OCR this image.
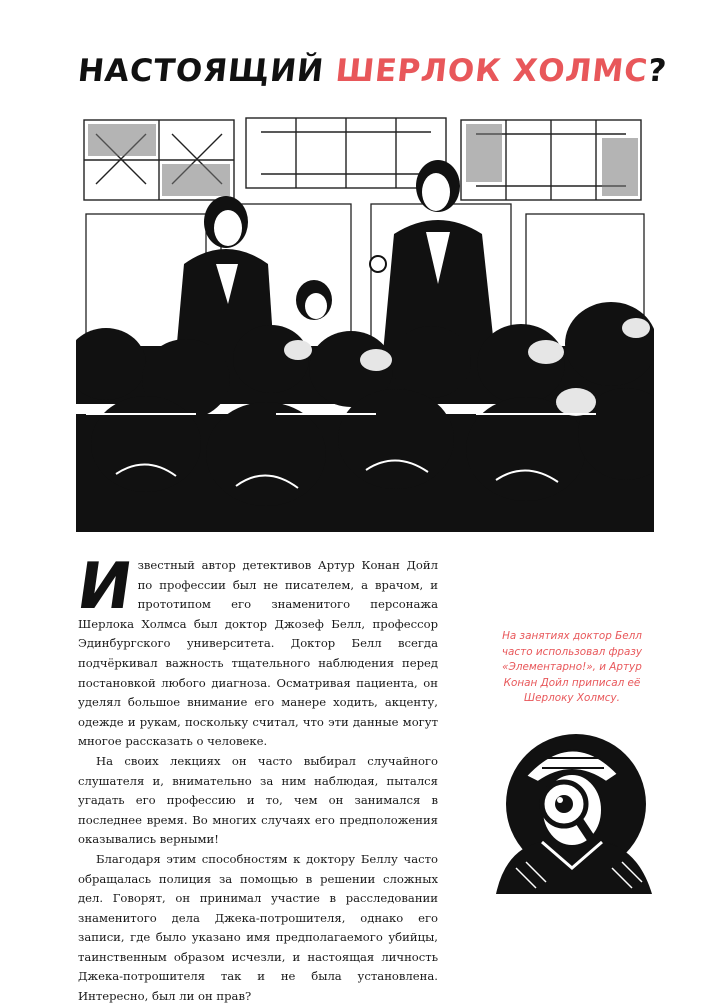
НАСТОЯЩИЙ ШЕРЛОК ХОЛМС?

Известный автор детективов Артур Конан Дойл по профессии был не писателем, а врачом, и прототипом его знаменитого персонажа Шерлока Холмса был доктор Джозеф Белл, профессор Эдинбургского университета. Доктор Белл всегда подчёркивал важность тщательного наблюдения перед постановкой любого диагноза. Осматривая пациента, он уделял большое внимание его манере ходить, акценту, одежде и рукам, поскольку считал, что эти данные могут многое рассказать о человеке.

На своих лекциях он часто выбирал случайного слушателя и, внимательно за ним наблюдая, пытался угадать его профессию и то, чем он занимался в последнее время. Во многих случаях его предположения оказывались верными!

Благодаря этим способностям к доктору Беллу часто обращалась полиция за помощью в решении сложных дел. Говорят, он принимал участие в расследовании знаменитого дела Джека-потрошителя, однако его записи, где было указано имя предполагаемого убийцы, таинственным образом исчезли, и настоящая личность Джека-потрошителя так и не была установлена. Интересно, был ли он прав?

На занятиях доктор Белл часто использовал фразу «Элементарно!», и Артур Конан Дойл приписал её Шерлоку Холмсу.
